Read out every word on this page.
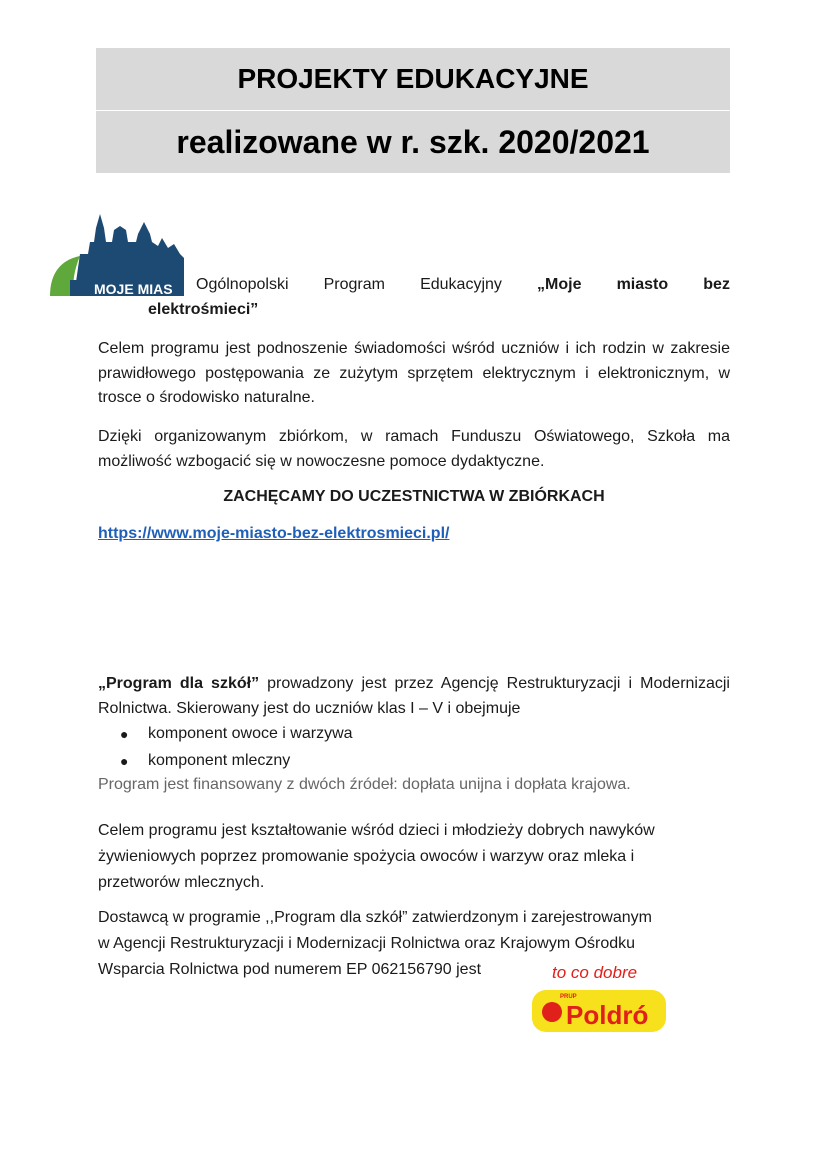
PROJEKTY EDUKACYJNE
realizowane w r. szk. 2020/2021
MOJE MIAS Ogólnopolski Program Edukacyjny „Moje miasto bez
elektrośmieci”

Celem programu jest podnoszenie świadomości wśród uczniów i ich rodzin w zakresie prawidłowego postępowania ze zużytym sprzętem elektrycznym i elektronicznym, w trosce o środowisko naturalne.

Dzięki organizowanym zbiórkom, w ramach Funduszu Oświatowego, Szkoła ma możliwość wzbogacić się w nowoczesne pomoce dydaktyczne.

ZACHĘCAMY DO UCZESTNICTWA W ZBIÓRKACH
https://www.moje-miasto-bez-elektrosmieci.pl/

„Program dla szkół” prowadzony jest przez Agencję Restrukturyzacji i Modernizacji Rolnictwa. Skierowany jest do uczniów klas I – V i obejmuje

●	komponent owoce i warzywa
●	komponent mleczny
Program jest finansowany z dwóch źródeł: dopłata unijna i dopłata krajowa.
Celem programu jest kształtowanie wśród dzieci i młodzieży dobrych nawyków
żywieniowych poprzez promowanie spożycia owoców i warzyw oraz mleka i
przetworów mlecznych.
Dostawcą w programie ,,Program dla szkół” zatwierdzonym i zarejestrowanym
w Agencji Restrukturyzacji i Modernizacji Rolnictwa oraz Krajowym Ośrodku
Wsparcia Rolnictwa pod numerem EP 062156790 jest	to co dobre
PRUP
Poldró
